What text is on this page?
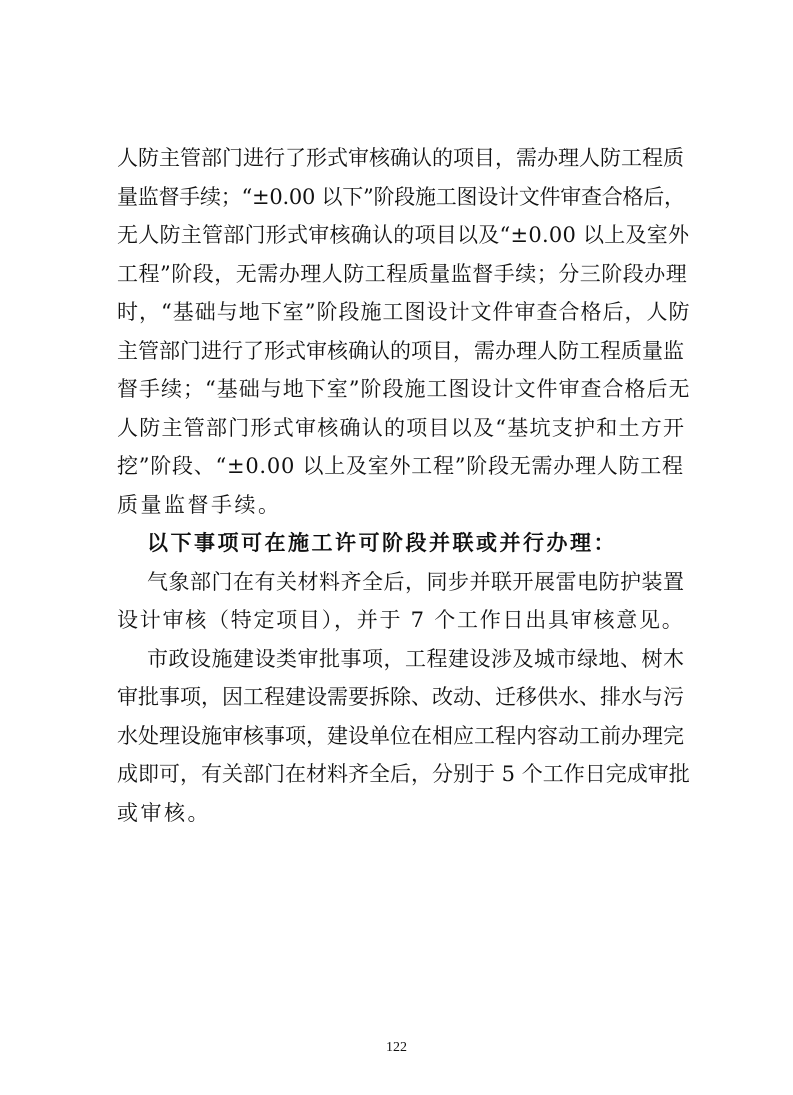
人防主管部门进行了形式审核确认的项目，需办理人防工程质
量监督手续；“±0.00 以下”阶段施工图设计文件审查合格后，
无人防主管部门形式审核确认的项目以及“±0.00 以上及室外
工程”阶段，无需办理人防工程质量监督手续；分三阶段办理
时，“基础与地下室”阶段施工图设计文件审查合格后，人防
主管部门进行了形式审核确认的项目，需办理人防工程质量监
督手续；“基础与地下室”阶段施工图设计文件审查合格后无
人防主管部门形式审核确认的项目以及“基坑支护和土方开
挖”阶段、“±0.00 以上及室外工程”阶段无需办理人防工程
质量监督手续。
以下事项可在施工许可阶段并联或并行办理：
气象部门在有关材料齐全后，同步并联开展雷电防护装置
设计审核（特定项目），并于 7 个工作日出具审核意见。
市政设施建设类审批事项，工程建设涉及城市绿地、树木
审批事项，因工程建设需要拆除、改动、迁移供水、排水与污
水处理设施审核事项，建设单位在相应工程内容动工前办理完
成即可，有关部门在材料齐全后，分别于 5 个工作日完成审批
或审核。
122
